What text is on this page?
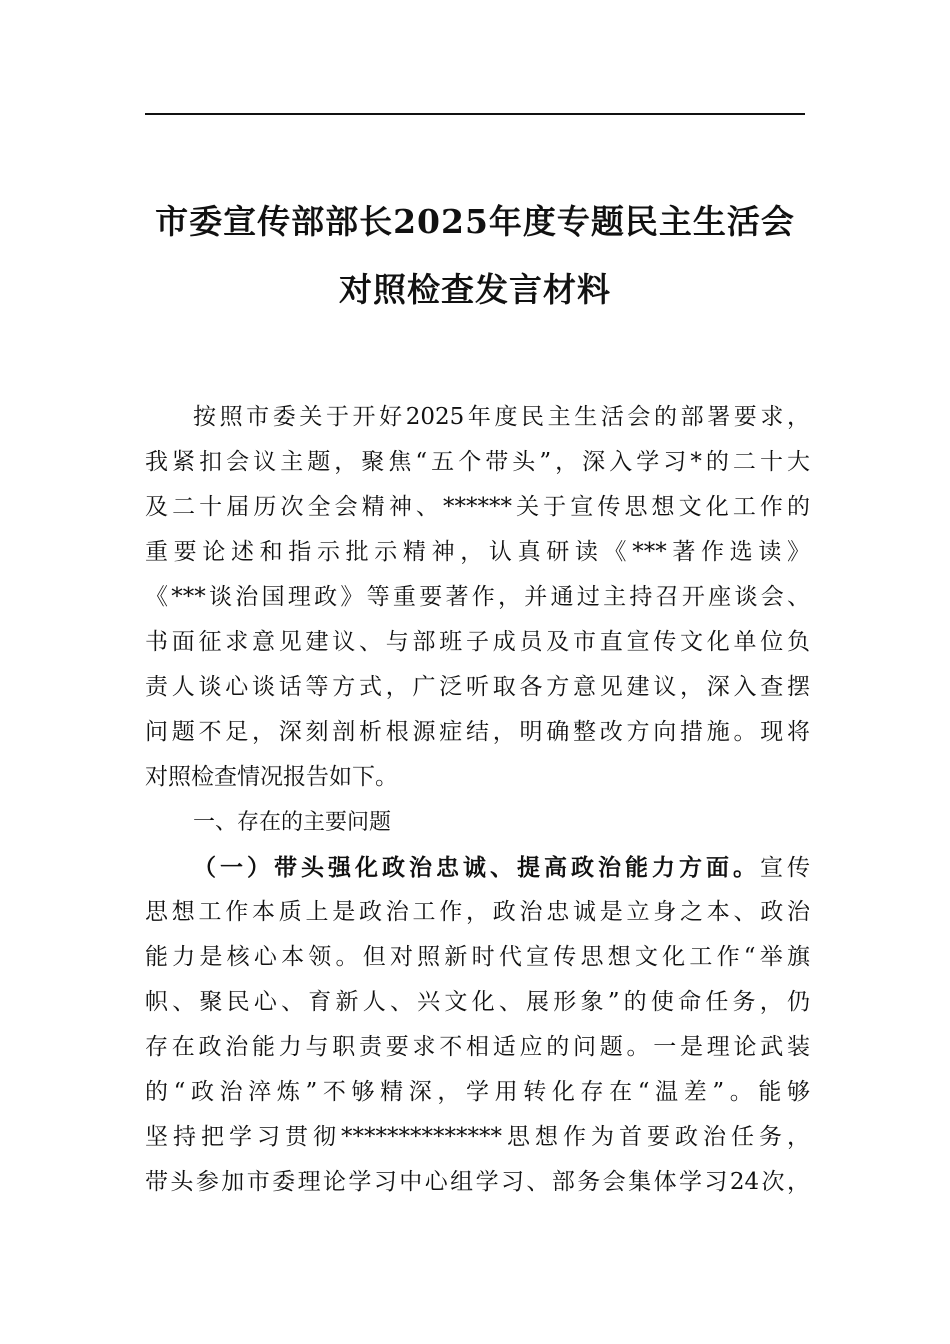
市委宣传部部长2025年度专题民主生活会
对照检查发言材料
按照市委关于开好2025年度民主生活会的部署要求，
我紧扣会议主题，聚焦“五个带头”，深入学习*的二十大
及二十届历次全会精神、******关于宣传思想文化工作的
重要论述和指示批示精神，认真研读《***著作选读》
《***谈治国理政》等重要著作，并通过主持召开座谈会、
书面征求意见建议、与部班子成员及市直宣传文化单位负
责人谈心谈话等方式，广泛听取各方意见建议，深入查摆
问题不足，深刻剖析根源症结，明确整改方向措施。现将
对照检查情况报告如下。
一、存在的主要问题
（一）带头强化政治忠诚、提高政治能力方面。宣传
思想工作本质上是政治工作，政治忠诚是立身之本、政治
能力是核心本领。但对照新时代宣传思想文化工作“举旗
帜、聚民心、育新人、兴文化、展形象”的使命任务，仍
存在政治能力与职责要求不相适应的问题。一是理论武装
的“政治淬炼”不够精深，学用转化存在“温差”。能够
坚持把学习贯彻**************思想作为首要政治任务，
带头参加市委理论学习中心组学习、部务会集体学习24次，
